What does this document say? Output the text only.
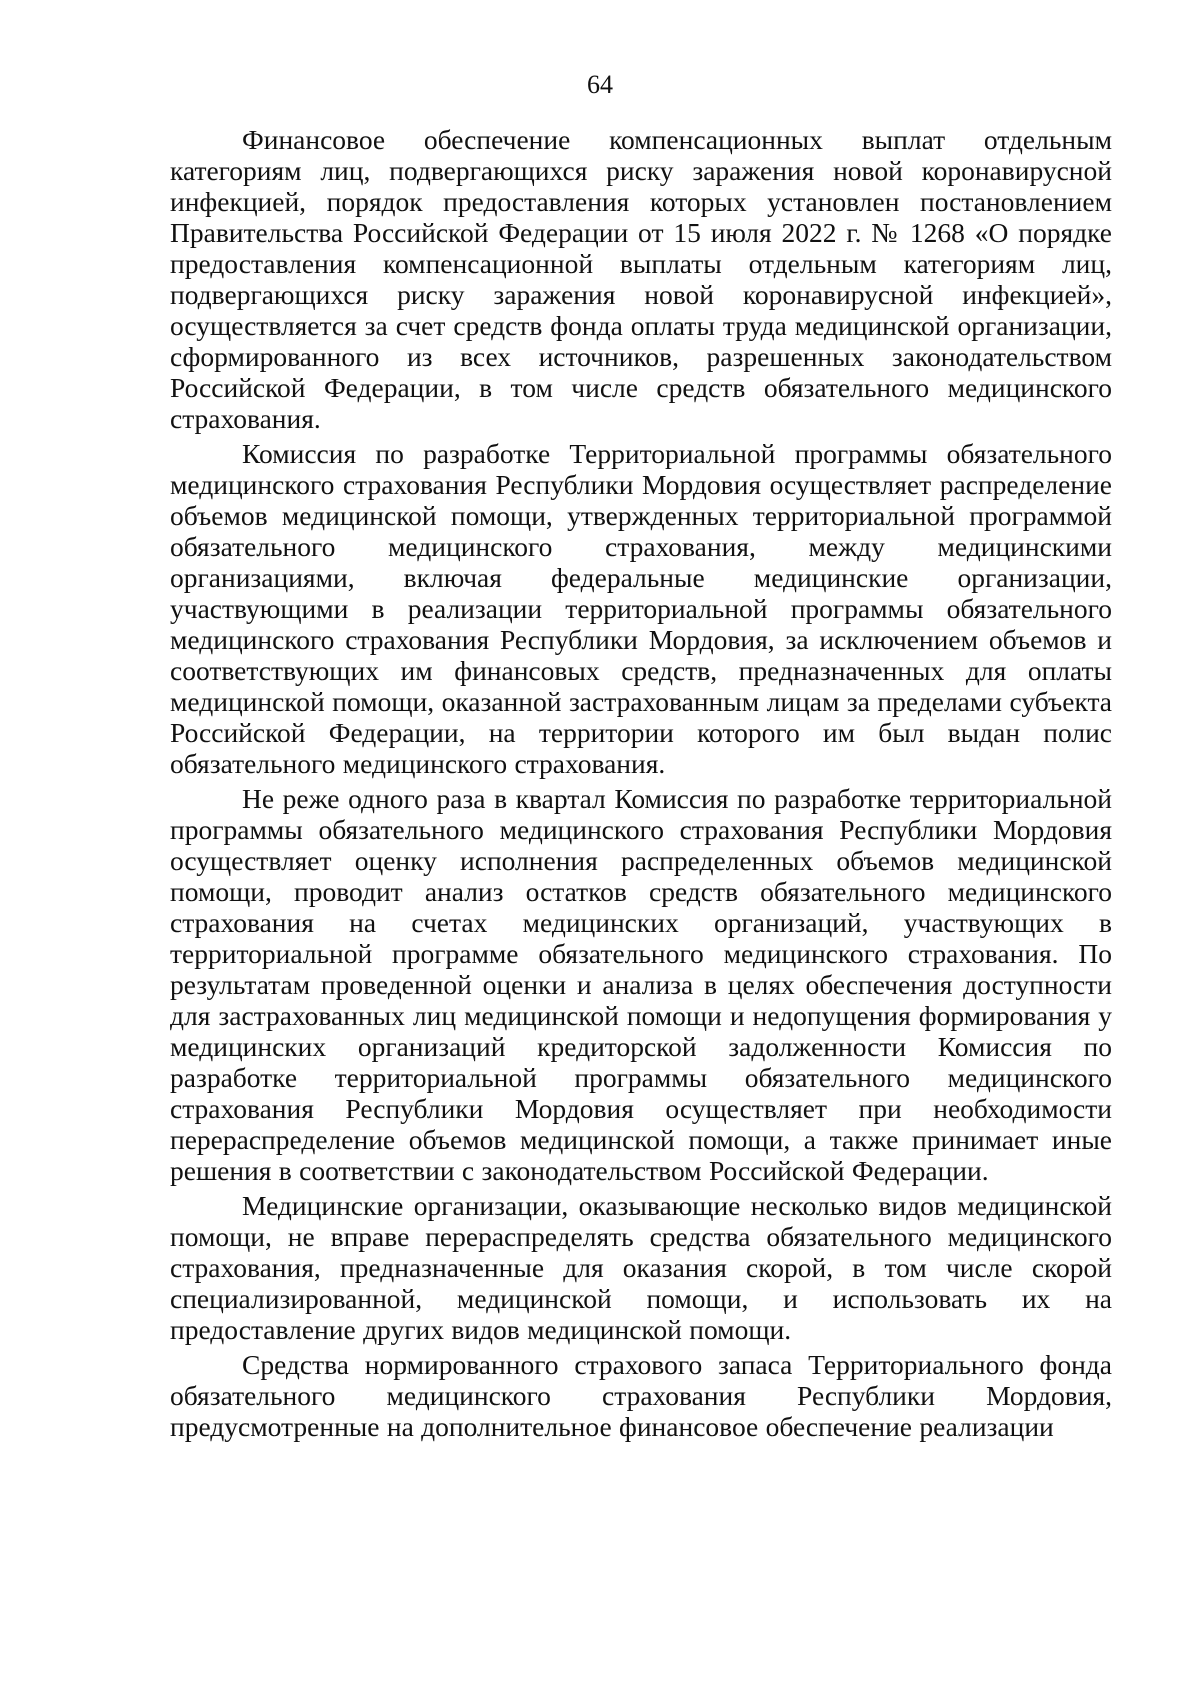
64

Финансовое обеспечение компенсационных выплат отдельным категориям лиц, подвергающихся риску заражения новой коронавирусной инфекцией, порядок предоставления которых установлен постановлением Правительства Российской Федерации от 15 июля 2022 г. № 1268 «О порядке предоставления компенсационной выплаты отдельным категориям лиц, подвергающихся риску заражения новой коронавирусной инфекцией», осуществляется за счет средств фонда оплаты труда медицинской организации, сформированного из всех источников, разрешенных законодательством Российской Федерации, в том числе средств обязательного медицинского страхования.

Комиссия по разработке Территориальной программы обязательного медицинского страхования Республики Мордовия осуществляет распределение объемов медицинской помощи, утвержденных территориальной программой обязательного медицинского страхования, между медицинскими организациями, включая федеральные медицинские организации, участвующими в реализации территориальной программы обязательного медицинского страхования Республики Мордовия, за исключением объемов и соответствующих им финансовых средств, предназначенных для оплаты медицинской помощи, оказанной застрахованным лицам за пределами субъекта Российской Федерации, на территории которого им был выдан полис обязательного медицинского страхования.

Не реже одного раза в квартал Комиссия по разработке территориальной программы обязательного медицинского страхования Республики Мордовия осуществляет оценку исполнения распределенных объемов медицинской помощи, проводит анализ остатков средств обязательного медицинского страхования на счетах медицинских организаций, участвующих в территориальной программе обязательного медицинского страхования. По результатам проведенной оценки и анализа в целях обеспечения доступности для застрахованных лиц медицинской помощи и недопущения формирования у медицинских организаций кредиторской задолженности Комиссия по разработке территориальной программы обязательного медицинского страхования Республики Мордовия осуществляет при необходимости перераспределение объемов медицинской помощи, а также принимает иные решения в соответствии с законодательством Российской Федерации.

Медицинские организации, оказывающие несколько видов медицинской помощи, не вправе перераспределять средства обязательного медицинского страхования, предназначенные для оказания скорой, в том числе скорой специализированной, медицинской помощи, и использовать их на предоставление других видов медицинской помощи.

Средства нормированного страхового запаса Территориального фонда обязательного медицинского страхования Республики Мордовия, предусмотренные на дополнительное финансовое обеспечение реализации
